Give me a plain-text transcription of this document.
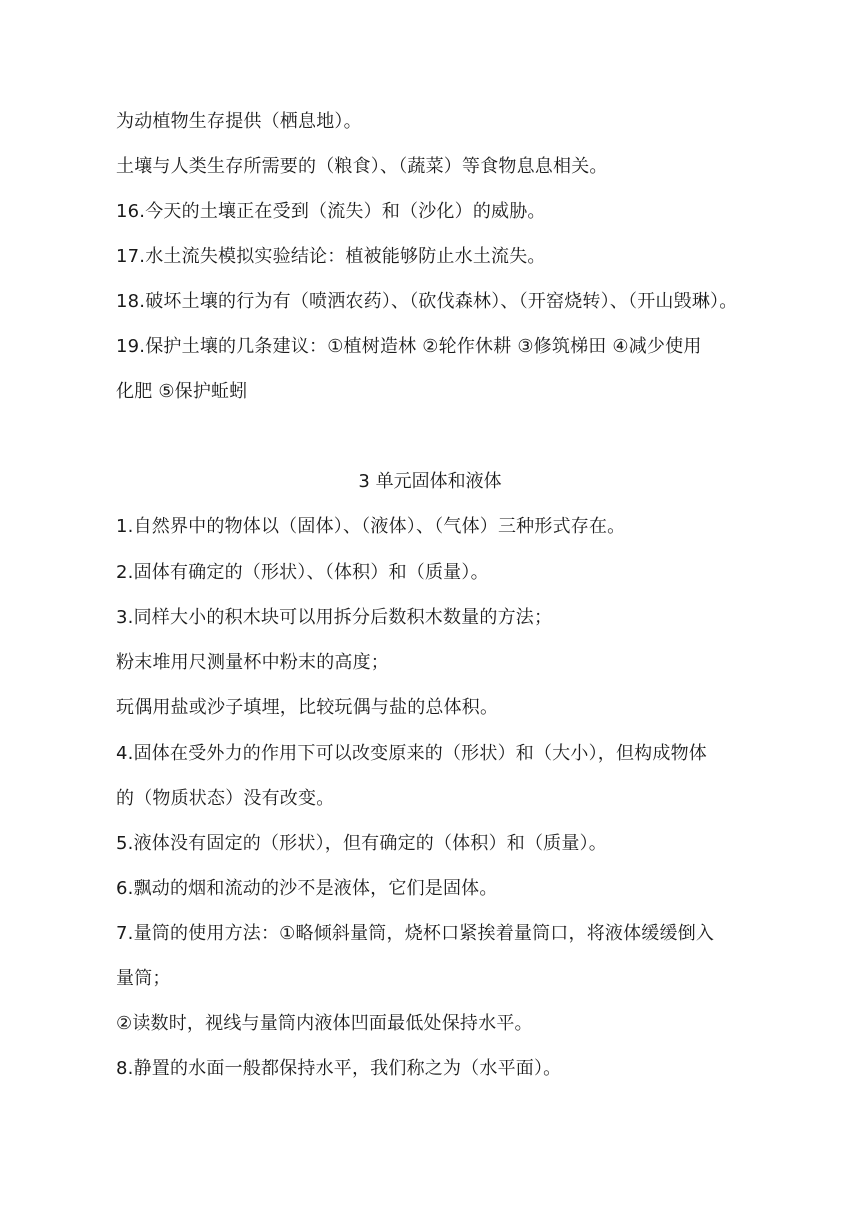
为动植物生存提供（栖息地）。
土壤与人类生存所需要的（粮食）、（蔬菜）等食物息息相关。
16.今天的土壤正在受到（流失）和（沙化）的威胁。
17.水土流失模拟实验结论：植被能够防止水土流失。
18.破坏土壤的行为有（喷洒农药）、（砍伐森林）、（开窑烧转）、（开山毁琳）。
19.保护土壤的几条建议：①植树造林 ②轮作休耕 ③修筑梯田 ④减少使用
化肥 ⑤保护蚯蚓
3 单元固体和液体
1.自然界中的物体以（固体）、（液体）、（气体）三种形式存在。
2.固体有确定的（形状）、（体积）和（质量）。
3.同样大小的积木块可以用拆分后数积木数量的方法；
粉末堆用尺测量杯中粉末的高度；
玩偶用盐或沙子填埋，比较玩偶与盐的总体积。
4.固体在受外力的作用下可以改变原来的（形状）和（大小），但构成物体
的（物质状态）没有改变。
5.液体没有固定的（形状），但有确定的（体积）和（质量）。
6.飘动的烟和流动的沙不是液体，它们是固体。
7.量筒的使用方法：①略倾斜量筒，烧杯口紧挨着量筒口，将液体缓缓倒入
量筒；
②读数时，视线与量筒内液体凹面最低处保持水平。
8.静置的水面一般都保持水平，我们称之为（水平面）。
